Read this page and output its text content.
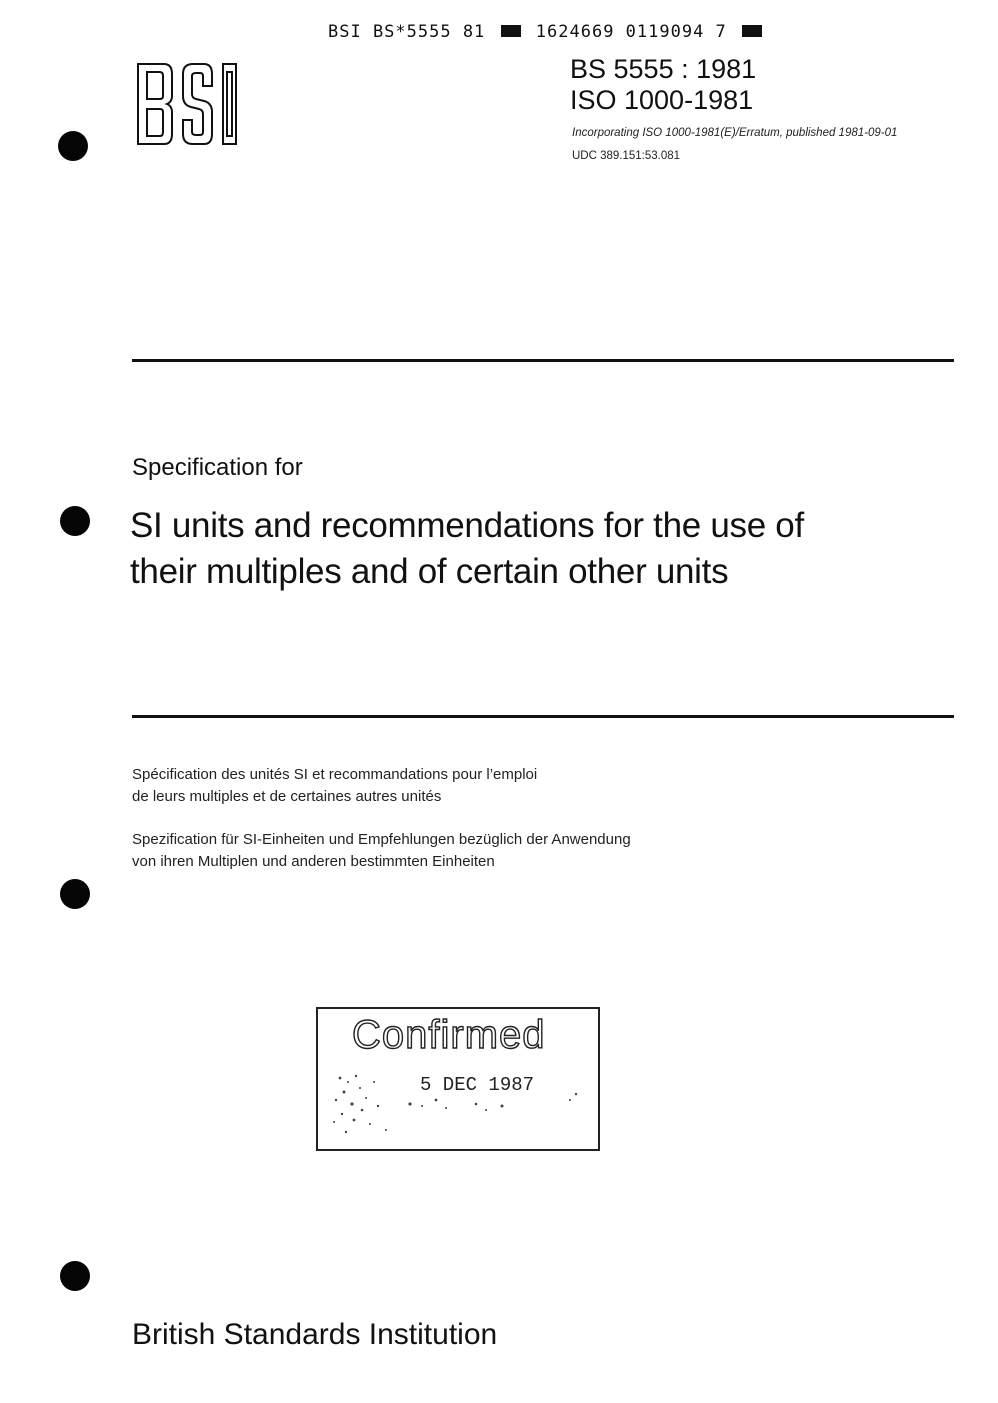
BSI BS*5555 81	1624669 0119094 7
BS 5555 : 1981
ISO 1000-1981
Incorporating ISO 1000-1981(E)/Erratum, published 1981-09-01
UDC 389.151:53.081
Specification for
SI units and recommendations for the use of
their multiples and of certain other units
Spécification des unités SI et recommandations pour l’emploi
de leurs multiples et de certaines autres unités
Spezification für SI-Einheiten und Empfehlungen bezüglich der Anwendung
von ihren Multiplen und anderen bestimmten Einheiten
Confirmed
5 DEC 1987
British Standards Institution
